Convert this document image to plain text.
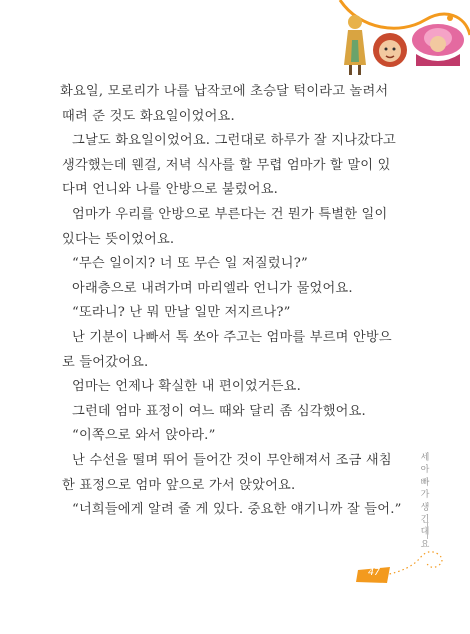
화요일, 모로리가 나를 납작코에 초승달 턱이라고 놀려서 때려 준 것도 화요일이었어요.

그날도 화요일이었어요. 그런대로 하루가 잘 지나갔다고 생각했는데 웬걸, 저녁 식사를 할 무렵 엄마가 할 말이 있다며 언니와 나를 안방으로 불렀어요.

엄마가 우리를 안방으로 부른다는 건 뭔가 특별한 일이 있다는 뜻이었어요.

“무슨 일이지? 너 또 무슨 일 저질렀니?”

아래층으로 내려가며 마리엘라 언니가 물었어요.

“또라니? 난 뭐 만날 일만 저지르나?”

난 기분이 나빠서 톡 쏘아 주고는 엄마를 부르며 안방으로 들어갔어요.

엄마는 언제나 확실한 내 편이었거든요.

그런데 엄마 표정이 여느 때와 달리 좀 심각했어요.

“이쪽으로 와서 앉아라.”

난 수선을 떨며 뛰어 들어간 것이 무안해져서 조금 새침한 표정으로 엄마 앞으로 가서 앉았어요.

“너희들에게 알려 줄 게 있다. 중요한 얘기니까 잘 들어.”

세아빠가생긴대요
47
